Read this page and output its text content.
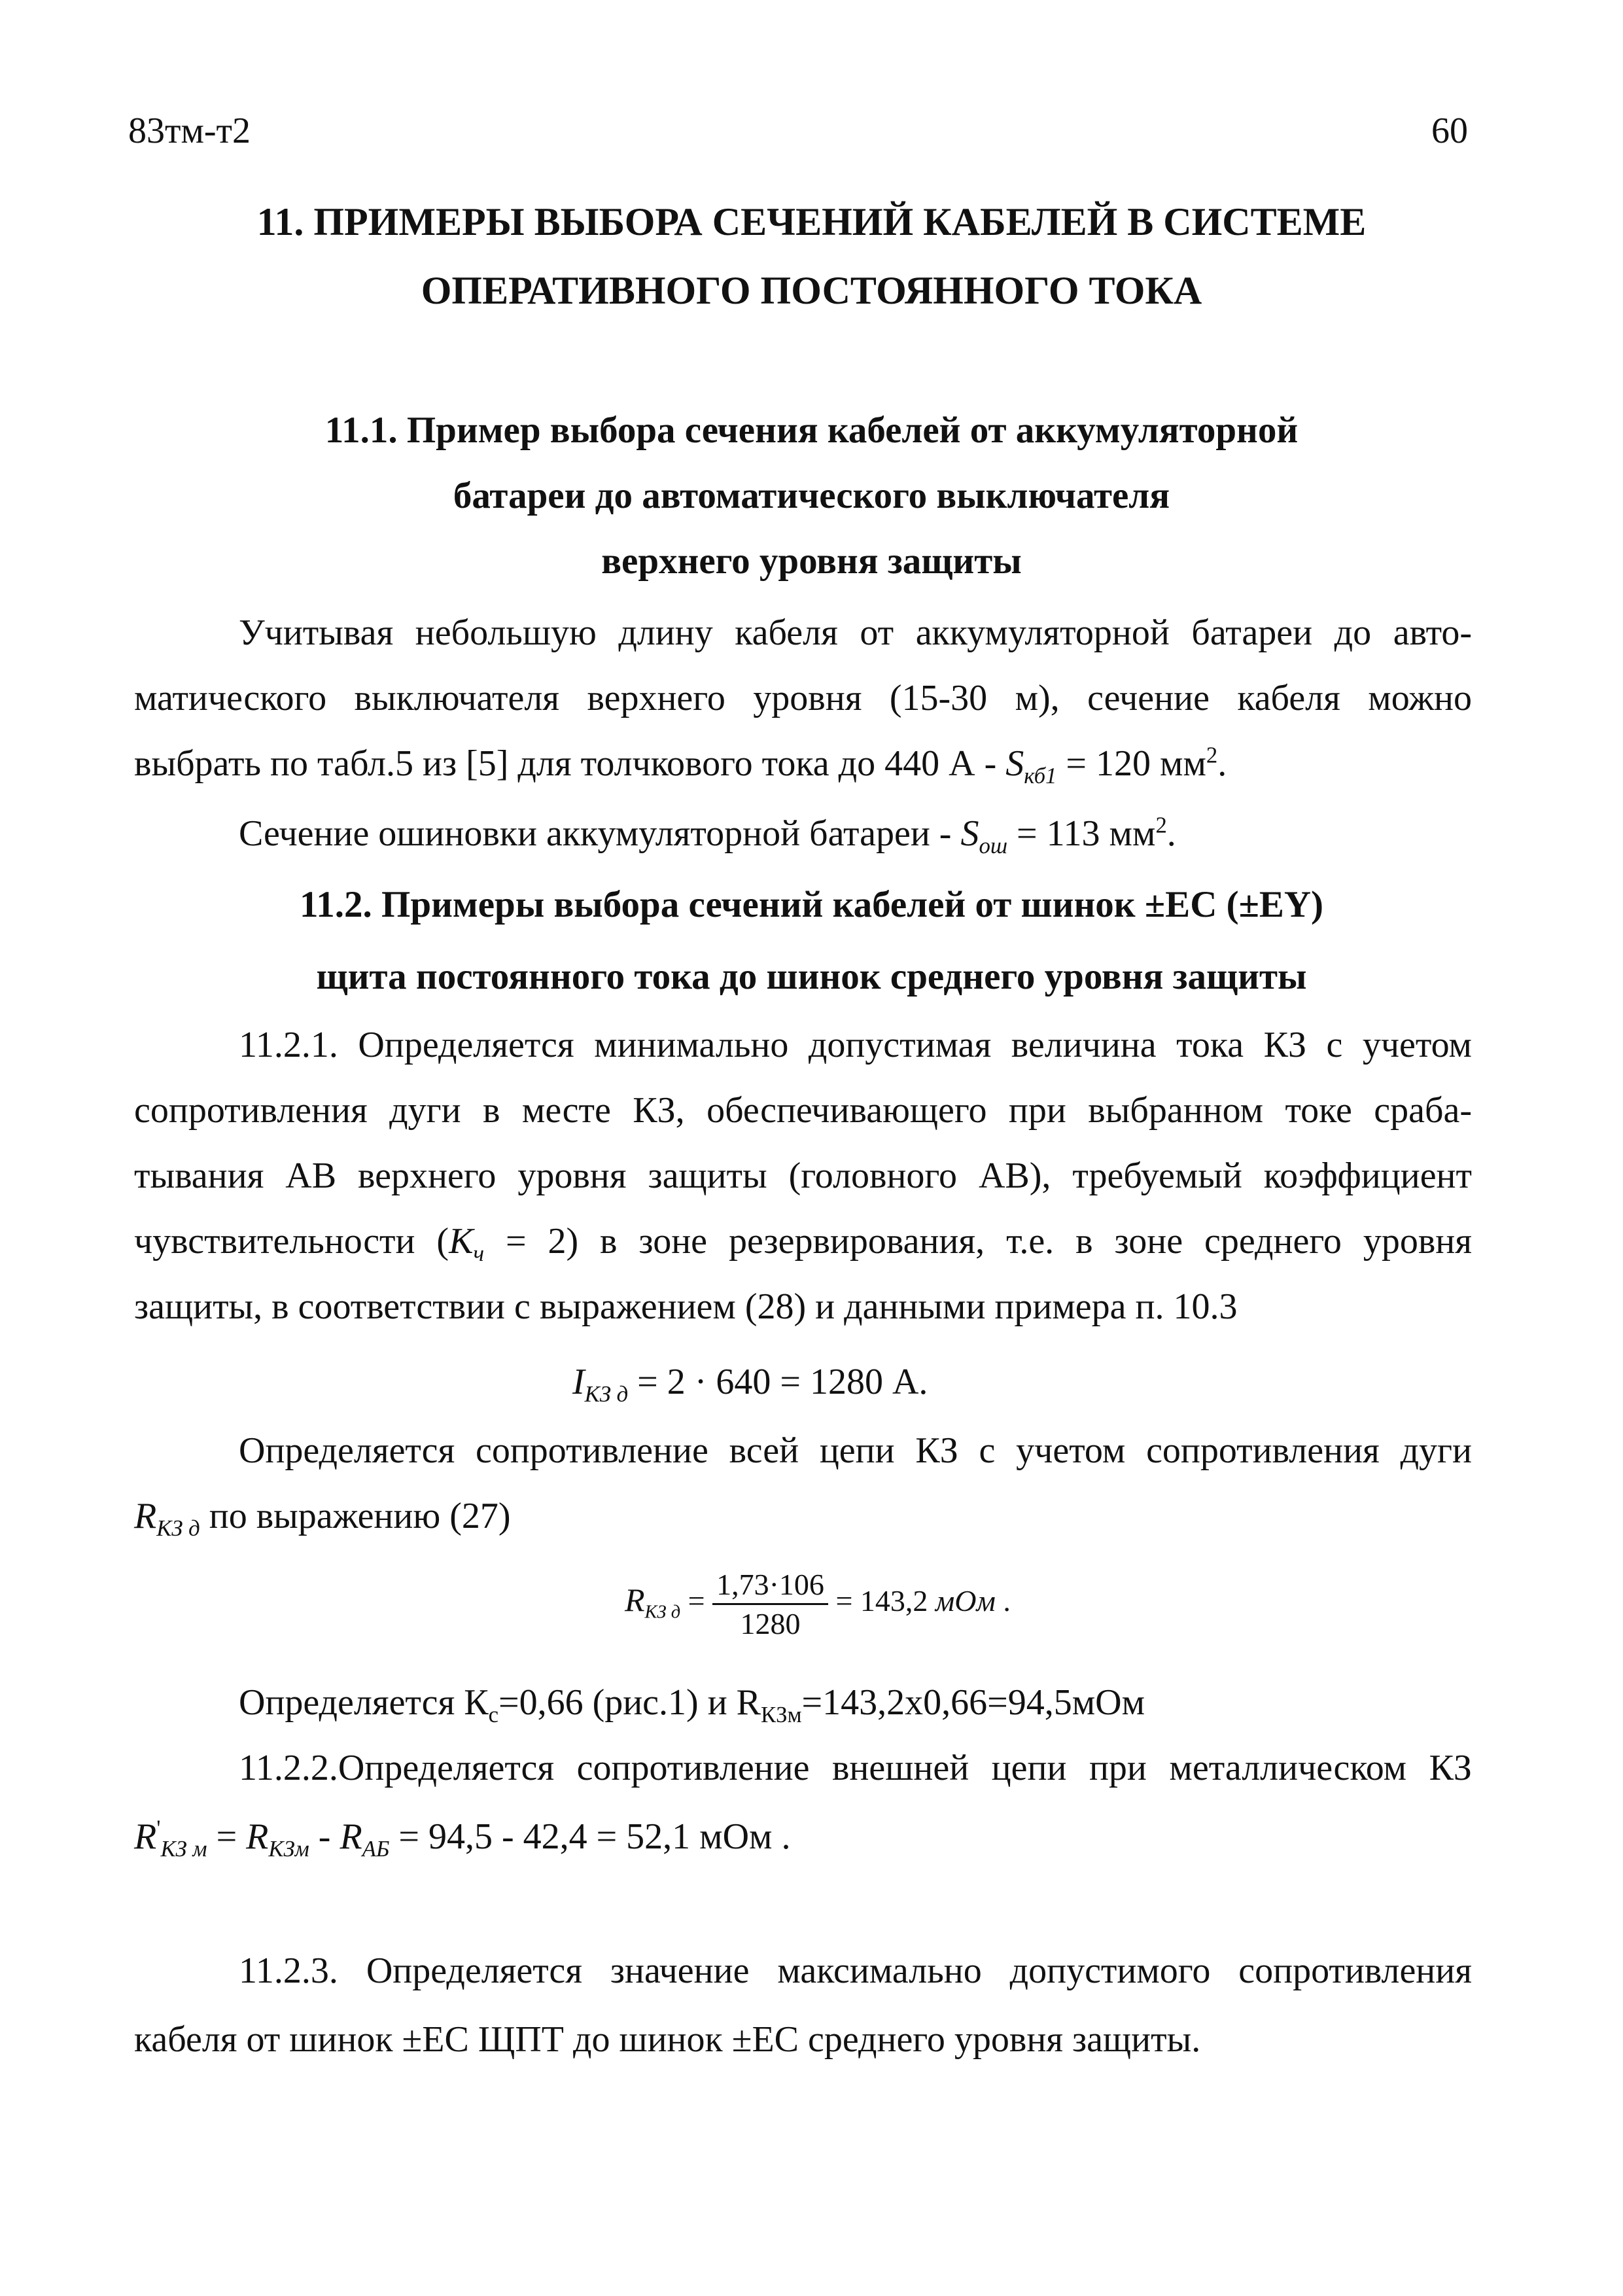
83тм-т2	60
11. ПРИМЕРЫ ВЫБОРА СЕЧЕНИЙ КАБЕЛЕЙ В СИСТЕМЕ
ОПЕРАТИВНОГО ПОСТОЯННОГО ТОКА
11.1. Пример выбора сечения кабелей от аккумуляторной
батареи до автоматического выключателя
верхнего уровня защиты
Учитывая небольшую длину кабеля от аккумуляторной батареи до авто-
матического выключателя верхнего уровня (15-30 м), сечение кабеля можно
выбрать по табл.5 из [5] для толчкового тока до 440 $А - S_{кб1} = 120$ $мм^2$.
Сечение ошиновки аккумуляторной батареи - $S_{ош} = 113$ $мм^2$.
11.2. Примеры выбора сечений кабелей от шинок ±ЕС (±ЕY)
щита постоянного тока до шинок среднего уровня защиты
11.2.1. Определяется минимально допустимая величина тока КЗ с учетом
сопротивления дуги в месте КЗ, обеспечивающего при выбранном токе сраба-
тывания АВ верхнего уровня защиты (головного АВ), требуемый коэффициент
чувствительности $(K_ч = 2)$ в зоне резервирования, т.е. в зоне среднего уровня
защиты, в соответствии с выражением (28) и данными примера п. 10.3
$I_{КЗ д} = 2 \cdot 640 = 1280$ А.
Определяется сопротивление всей цепи КЗ с учетом сопротивления дуги
$R_{КЗ д}$ по выражению (27)
$R_{КЗ д} = \frac{1,73\cdot 106}{1280} = 143,2$ мОм .
Определяется $К_с=0,66$ (рис.1) и $R_{КЗм}=143,2х0,66=94,5мОм$
11.2.2.Определяется сопротивление внешней цепи при металлическом КЗ
$R'_{КЗ м} = R_{КЗм} - R_{АБ} = 94,5 - 42,4 = 52,1$ мОм .
11.2.3. Определяется значение максимально допустимого сопротивления
кабеля от шинок ±ЕС ЩПТ до шинок ±ЕС среднего уровня защиты.
